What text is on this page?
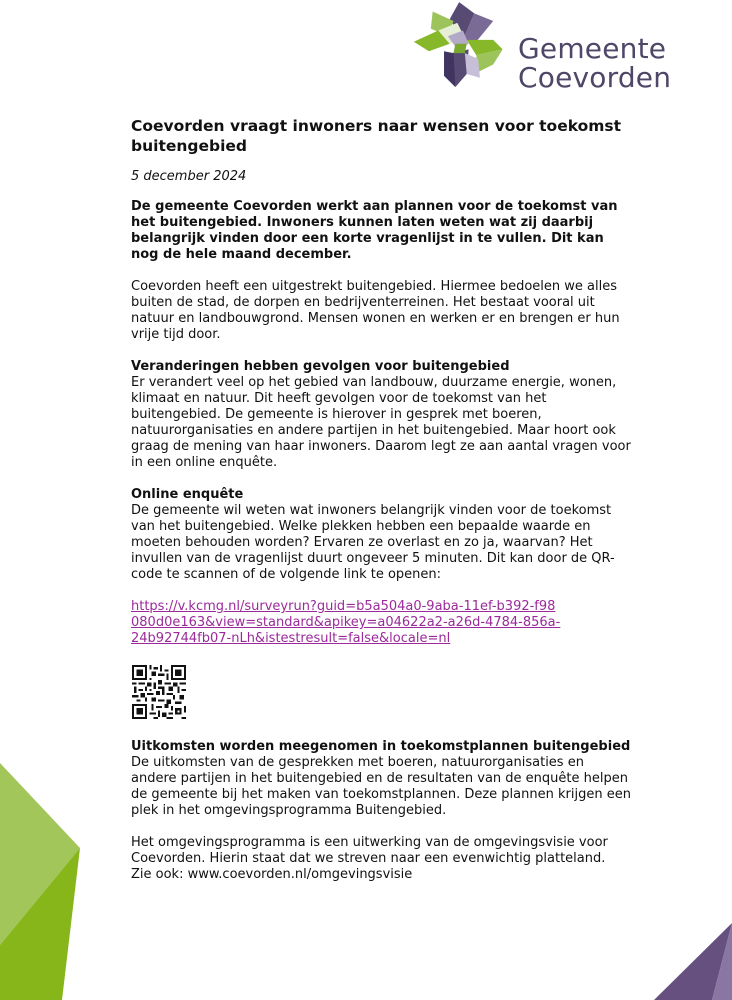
Gemeente
Coevorden
Coevorden vraagt inwoners naar wensen voor toekomst buitengebied
5 december 2024

De gemeente Coevorden werkt aan plannen voor de toekomst van het buitengebied. Inwoners kunnen laten weten wat zij daarbij belangrijk vinden door een korte vragenlijst in te vullen. Dit kan nog de hele maand december.

Coevorden heeft een uitgestrekt buitengebied. Hiermee bedoelen we alles buiten de stad, de dorpen en bedrijventerreinen. Het bestaat vooral uit natuur en landbouwgrond. Mensen wonen en werken er en brengen er hun vrije tijd door.

Veranderingen hebben gevolgen voor buitengebied
Er verandert veel op het gebied van landbouw, duurzame energie, wonen, klimaat en natuur. Dit heeft gevolgen voor de toekomst van het buitengebied. De gemeente is hierover in gesprek met boeren, natuurorganisaties en andere partijen in het buitengebied. Maar hoort ook graag de mening van haar inwoners. Daarom legt ze aan aantal vragen voor in een online enquête.
Online enquête
De gemeente wil weten wat inwoners belangrijk vinden voor de toekomst van het buitengebied. Welke plekken hebben een bepaalde waarde en moeten behouden worden? Ervaren ze overlast en zo ja, waarvan? Het invullen van de vragenlijst duurt ongeveer 5 minuten. Dit kan door de QR-code te scannen of de volgende link te openen:
https://v.kcmg.nl/surveyrun?guid=b5a504a0-9aba-11ef-b392-f98080d0e163&view=standard&apikey=a04622a2-a26d-4784-856a-24b92744fb07-nLh&istestresult=false&locale=nl
Uitkomsten worden meegenomen in toekomstplannen buitengebied
De uitkomsten van de gesprekken met boeren, natuurorganisaties en andere partijen in het buitengebied en de resultaten van de enquête helpen de gemeente bij het maken van toekomstplannen. Deze plannen krijgen een plek in het omgevingsprogramma Buitengebied.
Het omgevingsprogramma is een uitwerking van de omgevingsvisie voor Coevorden. Hierin staat dat we streven naar een evenwichtig platteland.
Zie ook: www.coevorden.nl/omgevingsvisie
